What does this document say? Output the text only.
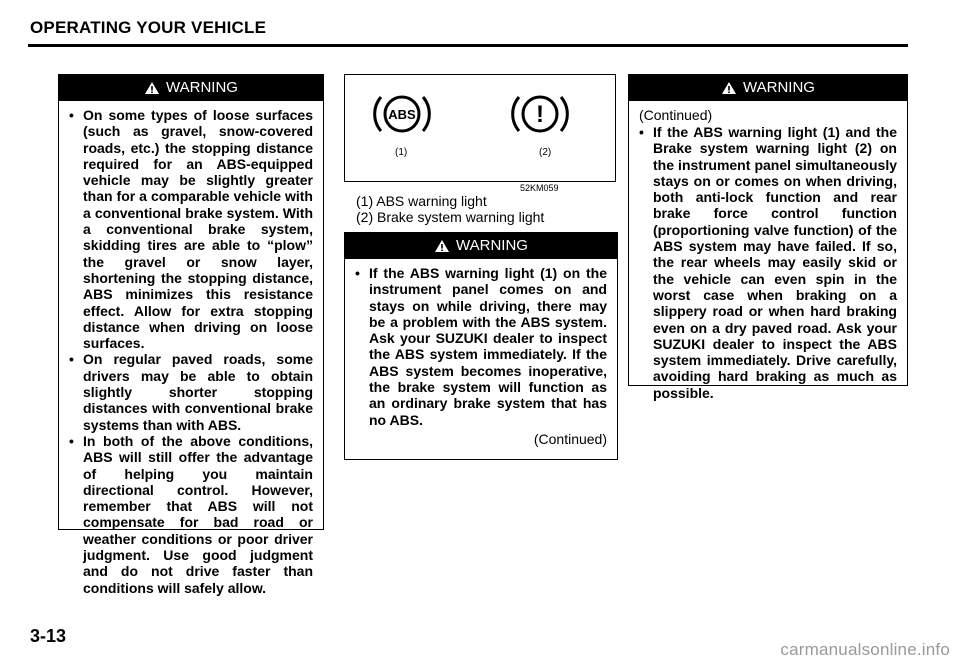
OPERATING YOUR VEHICLE
WARNING
• On some types of loose surfaces (such as gravel, snow-covered roads, etc.) the stopping distance required for an ABS-equipped vehicle may be slightly greater than for a comparable vehicle with a conventional brake system. With a conventional brake system, skidding tires are able to “plow” the gravel or snow layer, shortening the stopping distance, ABS minimizes this resistance effect. Allow for extra stopping distance when driving on loose surfaces.
• On regular paved roads, some drivers may be able to obtain slightly shorter stopping distances with conventional brake systems than with ABS.
• In both of the above conditions, ABS will still offer the advantage of helping you maintain directional control. However, remember that ABS will not compensate for bad road or weather conditions or poor driver judgment. Use good judgment and do not drive faster than conditions will safely allow.
ABS	!
(1)	(2)
52KM059
(1) ABS warning light
(2) Brake system warning light
WARNING
• If the ABS warning light (1) on the instrument panel comes on and stays on while driving, there may be a problem with the ABS system. Ask your SUZUKI dealer to inspect the ABS system immediately. If the ABS system becomes inoperative, the brake system will function as an ordinary brake system that has no ABS.
(Continued)
WARNING
(Continued)
• If the ABS warning light (1) and the Brake system warning light (2) on the instrument panel simultaneously stays on or comes on when driving, both anti-lock function and rear brake force control function (proportioning valve function) of the ABS system may have failed. If so, the rear wheels may easily skid or the vehicle can even spin in the worst case when braking on a slippery road or when hard braking even on a dry paved road. Ask your SUZUKI dealer to inspect the ABS system immediately. Drive carefully, avoiding hard braking as much as possible.
3-13
carmanualsonline.info
